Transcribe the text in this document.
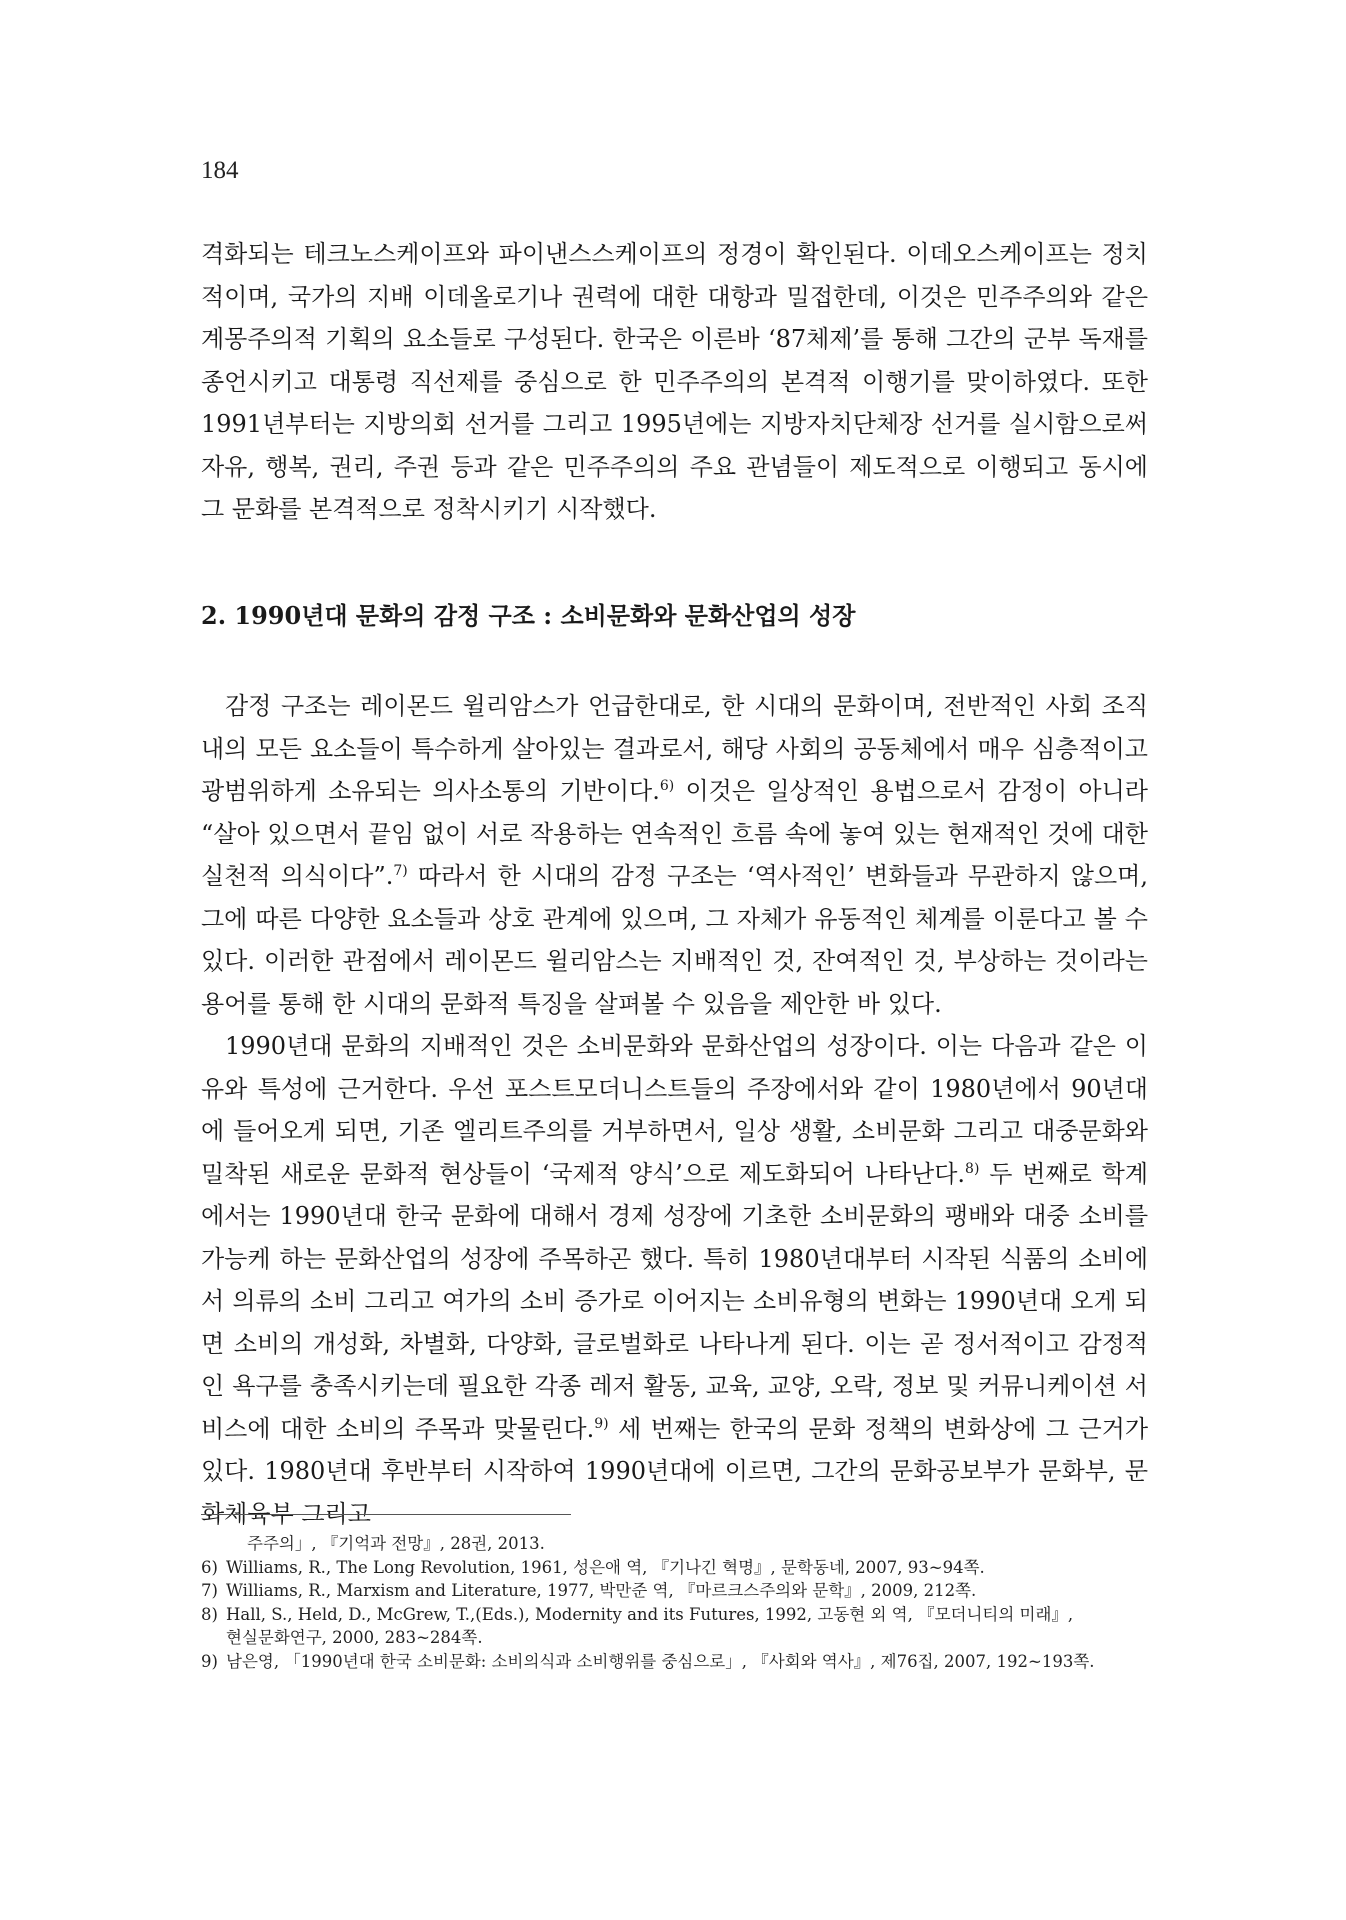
184

격화되는 테크노스케이프와 파이낸스스케이프의 정경이 확인된다. 이데오스케이프는 정치적이며, 국가의 지배 이데올로기나 권력에 대한 대항과 밀접한데, 이것은 민주주의와 같은 계몽주의적 기획의 요소들로 구성된다. 한국은 이른바 ‘87체제’를 통해 그간의 군부 독재를 종언시키고 대통령 직선제를 중심으로 한 민주주의의 본격적 이행기를 맞이하였다. 또한 1991년부터는 지방의회 선거를 그리고 1995년에는 지방자치단체장 선거를 실시함으로써 자유, 행복, 권리, 주권 등과 같은 민주주의의 주요 관념들이 제도적으로 이행되고 동시에 그 문화를 본격적으로 정착시키기 시작했다.

2. 1990년대 문화의 감정 구조 : 소비문화와 문화산업의 성장

감정 구조는 레이몬드 윌리암스가 언급한대로, 한 시대의 문화이며, 전반적인 사회 조직 내의 모든 요소들이 특수하게 살아있는 결과로서, 해당 사회의 공동체에서 매우 심층적이고 광범위하게 소유되는 의사소통의 기반이다.$^{6)}$ 이것은 일상적인 용법으로서 감정이 아니라 “살아 있으면서 끝임 없이 서로 작용하는 연속적인 흐름 속에 놓여 있는 현재적인 것에 대한 실천적 의식이다”.$^{7)}$ 따라서 한 시대의 감정 구조는 ‘역사적인’ 변화들과 무관하지 않으며, 그에 따른 다양한 요소들과 상호 관계에 있으며, 그 자체가 유동적인 체계를 이룬다고 볼 수 있다. 이러한 관점에서 레이몬드 윌리암스는 지배적인 것, 잔여적인 것, 부상하는 것이라는 용어를 통해 한 시대의 문화적 특징을 살펴볼 수 있음을 제안한 바 있다.

1990년대 문화의 지배적인 것은 소비문화와 문화산업의 성장이다. 이는 다음과 같은 이유와 특성에 근거한다. 우선 포스트모더니스트들의 주장에서와 같이 1980년에서 90년대에 들어오게 되면, 기존 엘리트주의를 거부하면서, 일상 생활, 소비문화 그리고 대중문화와 밀착된 새로운 문화적 현상들이 ‘국제적 양식’으로 제도화되어 나타난다.$^{8)}$ 두 번째로 학계에서는 1990년대 한국 문화에 대해서 경제 성장에 기초한 소비문화의 팽배와 대중 소비를 가능케 하는 문화산업의 성장에 주목하곤 했다. 특히 1980년대부터 시작된 식품의 소비에서 의류의 소비 그리고 여가의 소비 증가로 이어지는 소비유형의 변화는 1990년대 오게 되면 소비의 개성화, 차별화, 다양화, 글로벌화로 나타나게 된다. 이는 곧 정서적이고 감정적인 욕구를 충족시키는데 필요한 각종 레저 활동, 교육, 교양, 오락, 정보 및 커뮤니케이션 서비스에 대한 소비의 주목과 맞물린다.$^{9)}$ 세 번째는 한국의 문화 정책의 변화상에 그 근거가 있다. 1980년대 후반부터 시작하여 1990년대에 이르면, 그간의 문화공보부가 문화부, 문화체육부 그리고

주주의」, 『기억과 전망』, 28권, 2013.

6) Williams, R., The Long Revolution, 1961, 성은애 역, 『기나긴 혁명』, 문학동네, 2007, 93~94쪽.

7) Williams, R., Marxism and Literature, 1977, 박만준 역, 『마르크스주의와 문학』, 2009, 212쪽.

8) Hall, S., Held, D., McGrew, T.,(Eds.), Modernity and its Futures, 1992, 고동현 외 역, 『모더니티의 미래』,

현실문화연구, 2000, 283~284쪽.

9) 남은영, 「1990년대 한국 소비문화: 소비의식과 소비행위를 중심으로」, 『사회와 역사』, 제76집, 2007, 192~193쪽.
